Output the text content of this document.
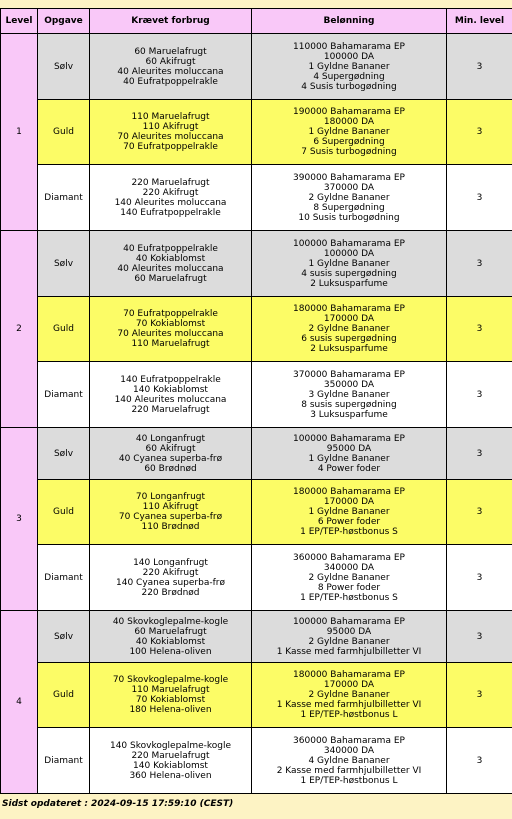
Level	Opgave	Krævet forbrug	Belønning	Min. level
1	Sølv	60 Maruelafrugt
60 Akifrugt
40 Aleurites moluccana
40 Eufratpoppelrakle	110000 Bahamarama EP
100000 DA
1 Gyldne Bananer
4 Supergødning
4 Susis turbogødning	3
	Guld	110 Maruelafrugt
110 Akifrugt
70 Aleurites moluccana
70 Eufratpoppelrakle	190000 Bahamarama EP
180000 DA
1 Gyldne Bananer
6 Supergødning
7 Susis turbogødning	3
	Diamant	220 Maruelafrugt
220 Akifrugt
140 Aleurites moluccana
140 Eufratpoppelrakle	390000 Bahamarama EP
370000 DA
2 Gyldne Bananer
8 Supergødning
10 Susis turbogødning	3
2	Sølv	40 Eufratpoppelrakle
40 Kokiablomst
40 Aleurites moluccana
60 Maruelafrugt	100000 Bahamarama EP
100000 DA
1 Gyldne Bananer
4 susis supergødning
2 Luksusparfume	3
	Guld	70 Eufratpoppelrakle
70 Kokiablomst
70 Aleurites moluccana
110 Maruelafrugt	180000 Bahamarama EP
170000 DA
2 Gyldne Bananer
6 susis supergødning
2 Luksusparfume	3
	Diamant	140 Eufratpoppelrakle
140 Kokiablomst
140 Aleurites moluccana
220 Maruelafrugt	370000 Bahamarama EP
350000 DA
3 Gyldne Bananer
8 susis supergødning
3 Luksusparfume	3
3	Sølv	40 Longanfrugt
60 Akifrugt
40 Cyanea superba-frø
60 Brødnød	100000 Bahamarama EP
95000 DA
1 Gyldne Bananer
4 Power foder	3
	Guld	70 Longanfrugt
110 Akifrugt
70 Cyanea superba-frø
110 Brødnød	180000 Bahamarama EP
170000 DA
1 Gyldne Bananer
6 Power foder
1 EP/TEP-høstbonus S	3
	Diamant	140 Longanfrugt
220 Akifrugt
140 Cyanea superba-frø
220 Brødnød	360000 Bahamarama EP
340000 DA
2 Gyldne Bananer
8 Power foder
1 EP/TEP-høstbonus S	3
4	Sølv	40 Skovkoglepalme-kogle
60 Maruelafrugt
40 Kokiablomst
100 Helena-oliven	100000 Bahamarama EP
95000 DA
2 Gyldne Bananer
1 Kasse med farmhjulbilletter VI	3
	Guld	70 Skovkoglepalme-kogle
110 Maruelafrugt
70 Kokiablomst
180 Helena-oliven	180000 Bahamarama EP
170000 DA
2 Gyldne Bananer
1 Kasse med farmhjulbilletter VI
1 EP/TEP-høstbonus L	3
	Diamant	140 Skovkoglepalme-kogle
220 Maruelafrugt
140 Kokiablomst
360 Helena-oliven	360000 Bahamarama EP
340000 DA
4 Gyldne Bananer
2 Kasse med farmhjulbilletter VI
1 EP/TEP-høstbonus L	3
Sidst opdateret : 2024-09-15 17:59:10 (CEST)
